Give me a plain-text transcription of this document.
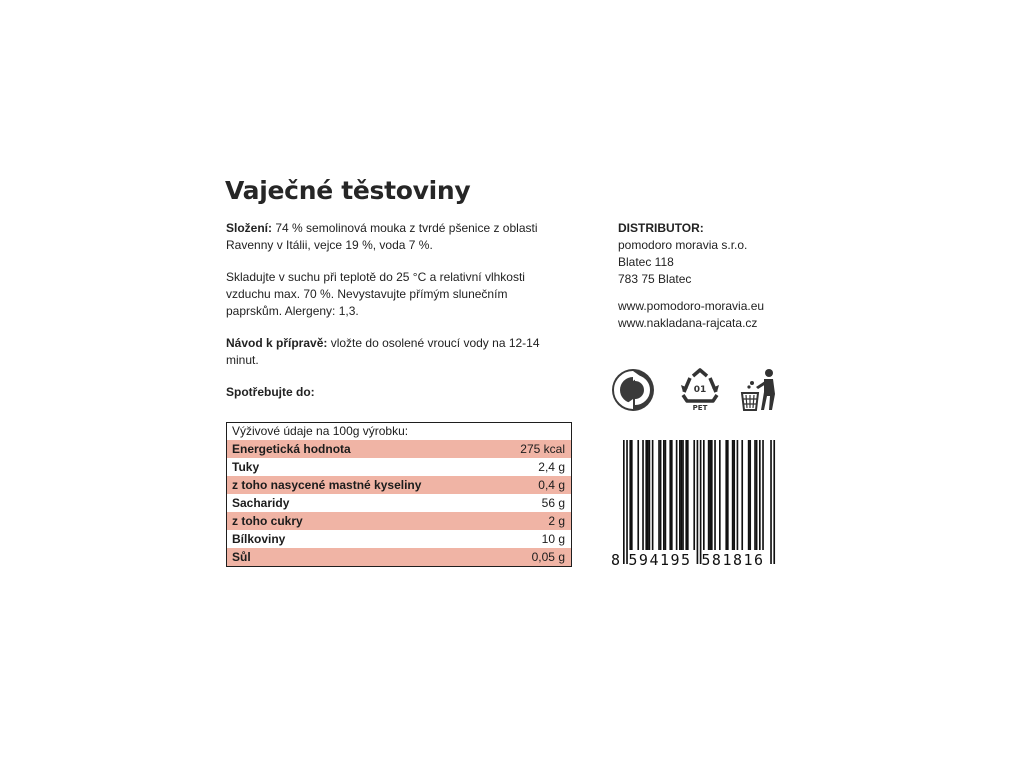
Vaječné těstoviny
Složení: 74 % semolinová mouka z tvrdé pšenice z oblasti
Ravenny v Itálii, vejce 19 %, voda 7 %.
Skladujte v suchu při teplotě do 25 °C a relativní vlhkosti
vzduchu max. 70 %. Nevystavujte přímým slunečním
paprskům. Alergeny: 1,3.
Návod k přípravě: vložte do osolené vroucí vody na 12-14
minut.
Spotřebujte do:
Výživové údaje na 100g výrobku:
Energetická hodnota	275 kcal
Tuky	2,4 g
z toho nasycené mastné kyseliny	0,4 g
Sacharidy	56 g
z toho cukry	2 g
Bílkoviny	10 g
Sůl	0,05 g
DISTRIBUTOR:
pomodoro moravia s.r.o.
Blatec 118
783 75 Blatec
www.pomodoro-moravia.eu
www.nakladana-rajcata.cz
01
PET
8 594195 581816
